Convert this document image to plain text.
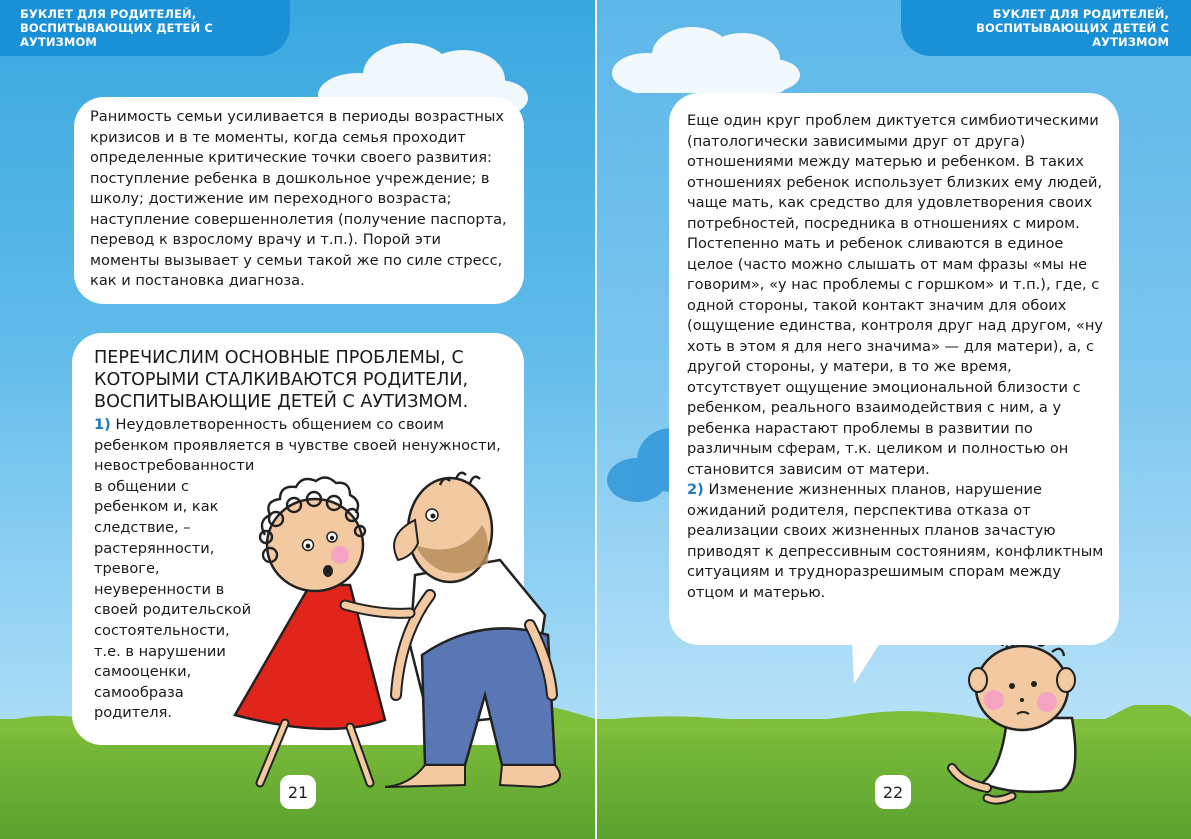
БУКЛЕТ ДЛЯ РОДИТЕЛЕЙ,
ВОСПИТЫВАЮЩИХ ДЕТЕЙ С АУТИЗМОМ

Ранимость семьи усиливается в периоды возрастных кризисов и в те моменты, когда семья проходит определенные критические точки своего развития: поступление ребенка в дошкольное учреждение; в школу; достижение им переходного возраста; наступление совершеннолетия (получение паспорта, перевод к взрослому врачу и т.п.). Порой эти моменты вызывает у семьи такой же по силе стресс, как и постановка диагноза.

ПЕРЕЧИСЛИМ ОСНОВНЫЕ ПРОБЛЕМЫ, С КОТОРЫМИ СТАЛКИВАЮТСЯ РОДИТЕЛИ, ВОСПИТЫВАЮЩИЕ ДЕТЕЙ С АУТИЗМОМ.
1) Неудовлетворенность общением со своим ребенком проявляется в чувстве своей ненужности,
невостребованности в общении с ребенком и, как следствие, – растерянности, тревоге, неуверенности в своей родительской состоятельности, т.е. в нарушении самооценки, самообраза родителя.
21
БУКЛЕТ ДЛЯ РОДИТЕЛЕЙ,
ВОСПИТЫВАЮЩИХ ДЕТЕЙ С АУТИЗМОМ
22

Еще один круг проблем диктуется симбиотическими (патологически зависимыми друг от друга) отношениями между матерью и ребенком. В таких отношениях ребенок использует близких ему людей, чаще мать, как средство для удовлетворения своих потребностей, посредника в отношениях с миром. Постепенно мать и ребенок сливаются в единое целое (часто можно слышать от мам фразы «мы не говорим», «у нас проблемы с горшком» и т.п.), где, с одной стороны, такой контакт значим для обоих (ощущение единства, контроля друг над другом, «ну хоть в этом я для него значима» — для матери), а, с другой стороны, у матери, в то же время, отсутствует ощущение эмоциональной близости с ребенком, реального взаимодействия с ним, а у ребенка нарастают проблемы в развитии по различным сферам, т.к. целиком и полностью он становится зависим от матери.

2) Изменение жизненных планов, нарушение ожиданий родителя, перспектива отказа от реализации своих жизненных планов зачастую приводят к депрессивным состояниям, конфликтным ситуациям и трудноразрешимым спорам между отцом и матерью.
